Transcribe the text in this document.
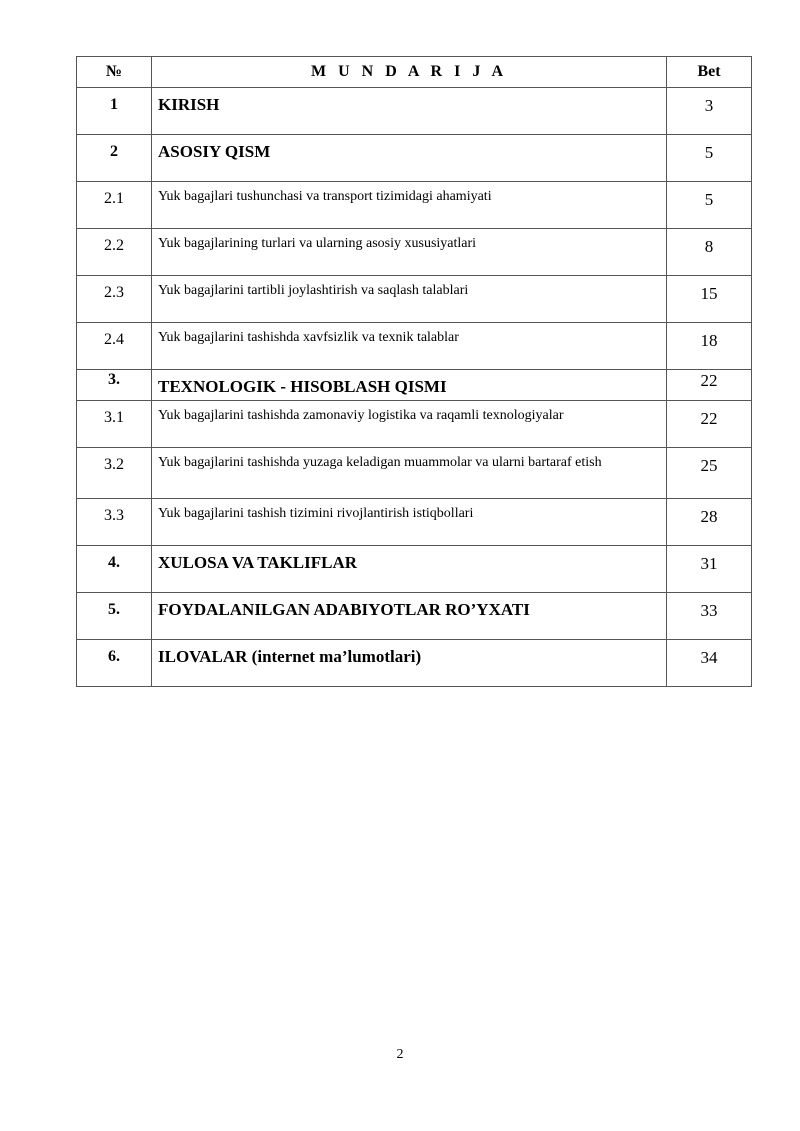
№	M U N D A R I J A	Bet
1	KIRISH	3
2	ASOSIY QISM	5
2.1	Yuk bagajlari tushunchasi va transport tizimidagi ahamiyati	5
2.2	Yuk bagajlarining turlari va ularning asosiy xususiyatlari	8
2.3	Yuk bagajlarini tartibli joylashtirish va saqlash talablari	15
2.4	Yuk bagajlarini tashishda xavfsizlik va texnik talablar	18
3.	TEXNOLOGIK - HISOBLASH QISMI	22
3.1	Yuk bagajlarini tashishda zamonaviy logistika va raqamli texnologiyalar	22
3.2	Yuk bagajlarini tashishda yuzaga keladigan muammolar va ularni bartaraf etish	25
3.3	Yuk bagajlarini tashish tizimini rivojlantirish istiqbollari	28
4.	XULOSA VA TAKLIFLAR	31
5.	FOYDALANILGAN ADABIYOTLAR RO’YXATI	33
6.	ILOVALAR (internet ma’lumotlari)	34
2
